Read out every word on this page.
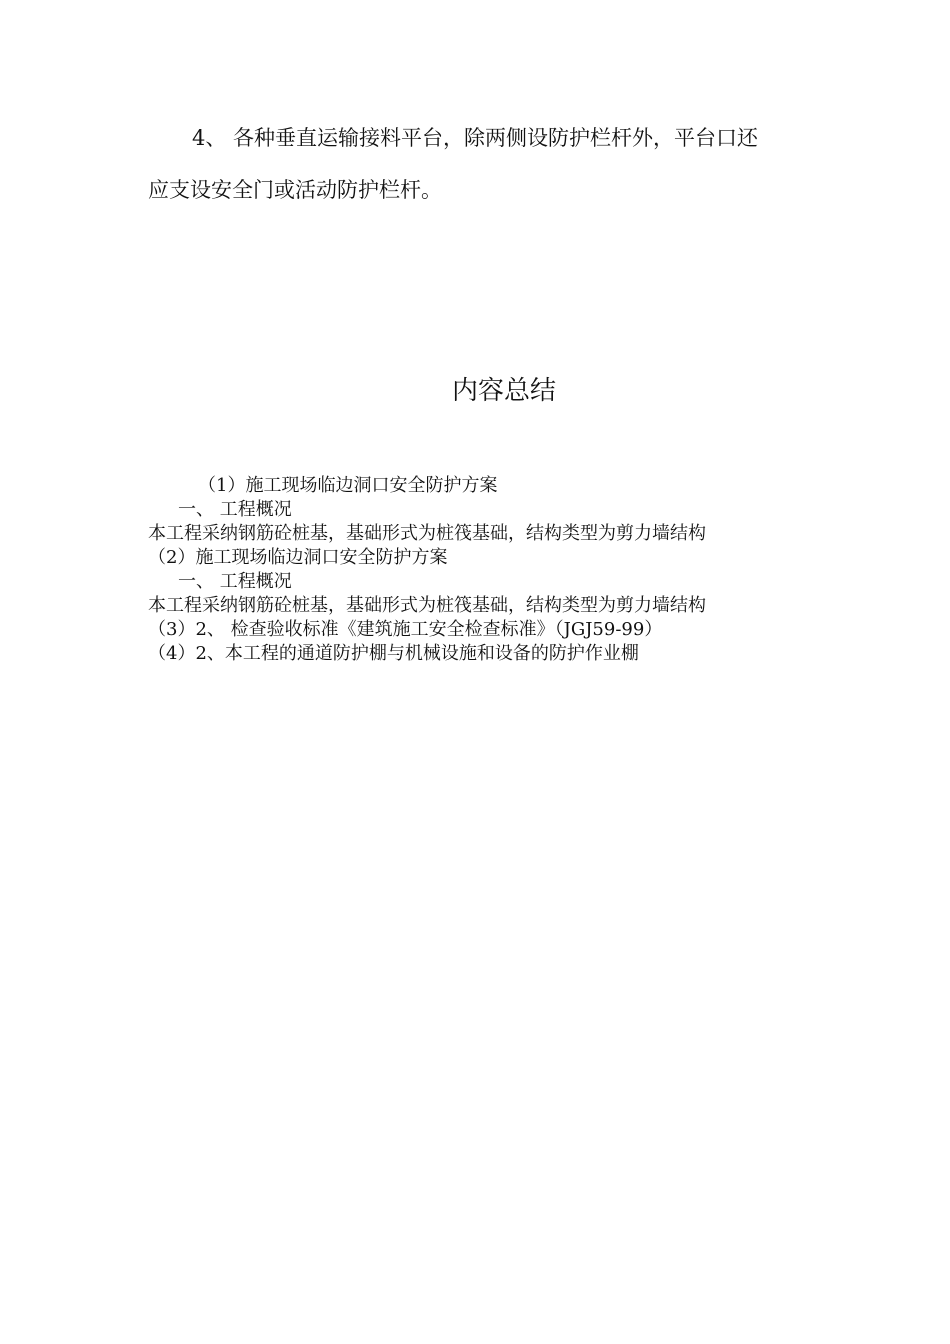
4、 各种垂直运输接料平台，除两侧设防护栏杆外，平台口还
应支设安全门或活动防护栏杆。
内容总结
（1）施工现场临边洞口安全防护方案
一、 工程概况
本工程采纳钢筋砼桩基，基础形式为桩筏基础，结构类型为剪力墙结构
（2）施工现场临边洞口安全防护方案
一、 工程概况
本工程采纳钢筋砼桩基，基础形式为桩筏基础，结构类型为剪力墙结构
（3）2、 检查验收标准《建筑施工安全检查标准》（JGJ59-99）
（4）2、本工程的通道防护棚与机械设施和设备的防护作业棚
